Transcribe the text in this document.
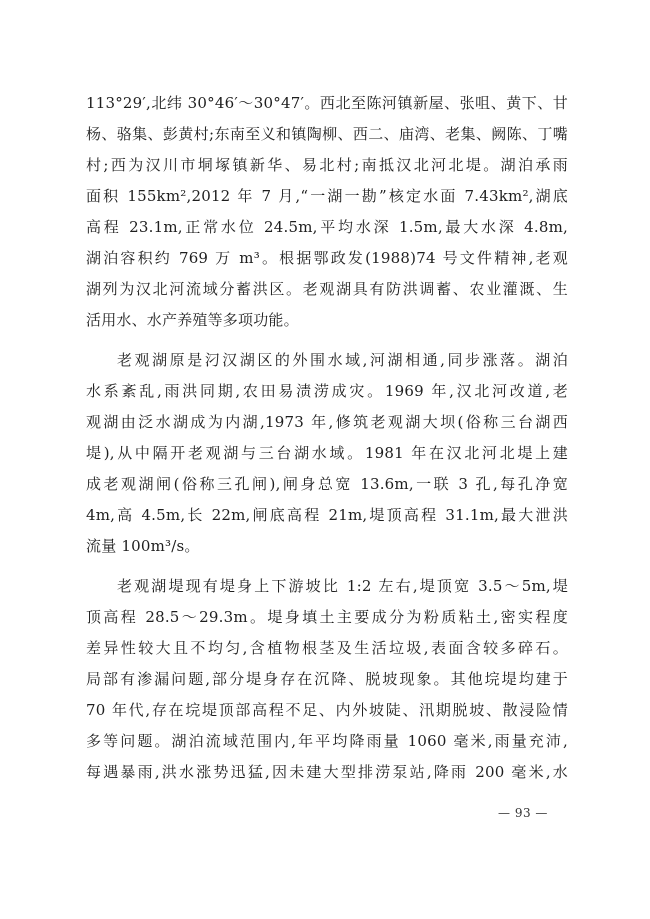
113°29′,北纬 30°46′～30°47′。西北至陈河镇新屋、张咀、黄下、甘
杨、骆集、彭黄村;东南至义和镇陶柳、西二、庙湾、老集、阙陈、丁嘴
村;西为汉川市垌塚镇新华、易北村;南抵汉北河北堤。湖泊承雨
面积 155km²,2012 年 7 月,“一湖一勘”核定水面 7.43km²,湖底
高程 23.1m,正常水位 24.5m,平均水深 1.5m,最大水深 4.8m,
湖泊容积约 769 万 m³。根据鄂政发(1988)74 号文件精神,老观
湖列为汉北河流域分蓄洪区。老观湖具有防洪调蓄、农业灌溉、生
活用水、水产养殖等多项功能。
老观湖原是汈汉湖区的外围水域,河湖相通,同步涨落。湖泊
水系紊乱,雨洪同期,农田易渍涝成灾。1969 年,汉北河改道,老
观湖由泛水湖成为内湖,1973 年,修筑老观湖大坝(俗称三台湖西
堤),从中隔开老观湖与三台湖水域。1981 年在汉北河北堤上建
成老观湖闸(俗称三孔闸),闸身总宽 13.6m,一联 3 孔,每孔净宽
4m,高 4.5m,长 22m,闸底高程 21m,堤顶高程 31.1m,最大泄洪
流量 100m³/s。
老观湖堤现有堤身上下游坡比 1:2 左右,堤顶宽 3.5～5m,堤
顶高程 28.5～29.3m。堤身填土主要成分为粉质粘土,密实程度
差异性较大且不均匀,含植物根茎及生活垃圾,表面含较多碎石。
局部有渗漏问题,部分堤身存在沉降、脱坡现象。其他垸堤均建于
70 年代,存在垸堤顶部高程不足、内外坡陡、汛期脱坡、散浸险情
多等问题。湖泊流域范围内,年平均降雨量 1060 毫米,雨量充沛,
每遇暴雨,洪水涨势迅猛,因未建大型排涝泵站,降雨 200 毫米,水
— 93 —
